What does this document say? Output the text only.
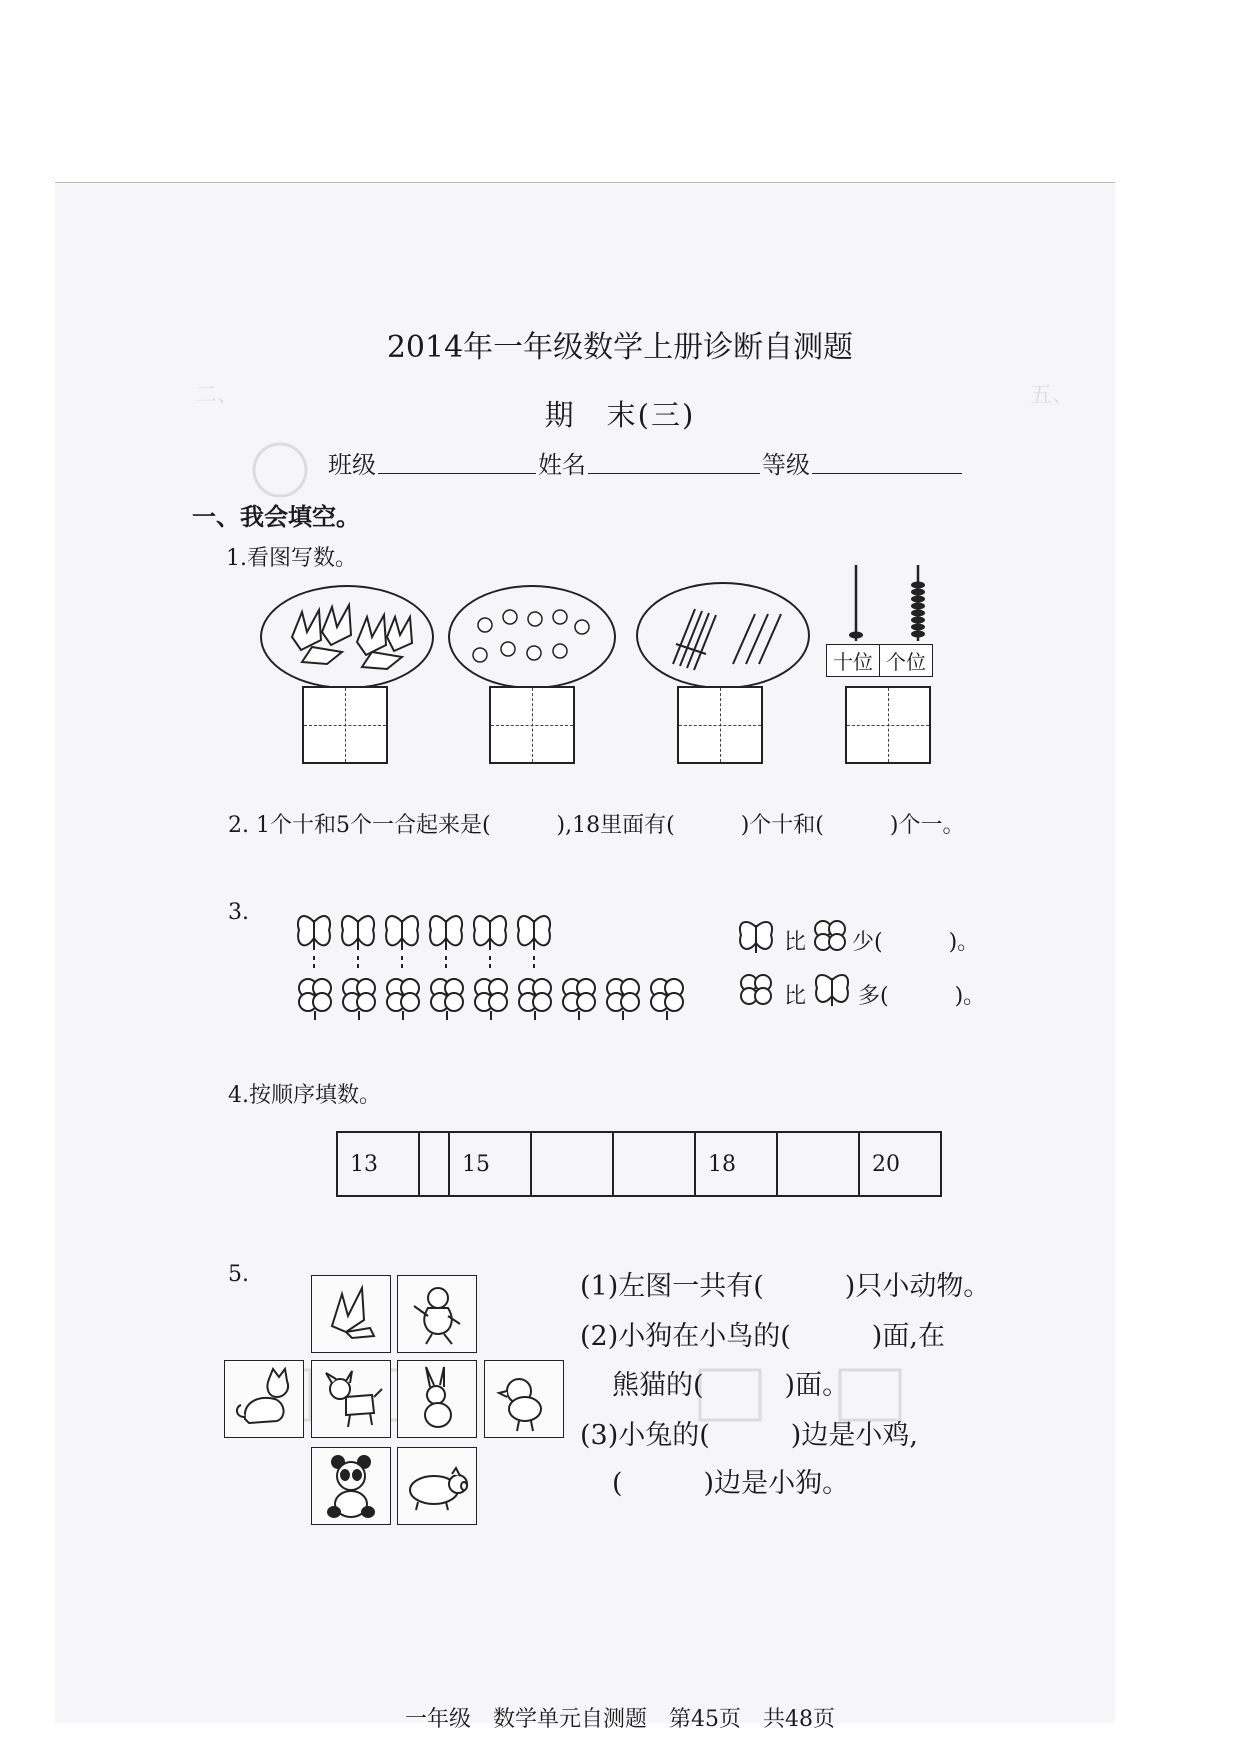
二、	五、
2014年一年级数学上册诊断自测题
期　末(三)
班级	姓名	等级
一、我会填空。
1.看图写数。
十位 个位
2. 1个十和5个一合起来是(　　　),18里面有(　　　)个十和(　　　)个一。
3.
比 少(　　　)。
比 多(　　　)。
4.按顺序填数。
13		15			18		20
5.	(1)左图一共有(　　　)只小动物。
(2)小狗在小鸟的(　　　)面,在
熊猫的(　　　)面。
(3)小兔的(　　　)边是小鸡,
(　　　)边是小狗。
一年级　数学单元自测题　第45页　共48页
